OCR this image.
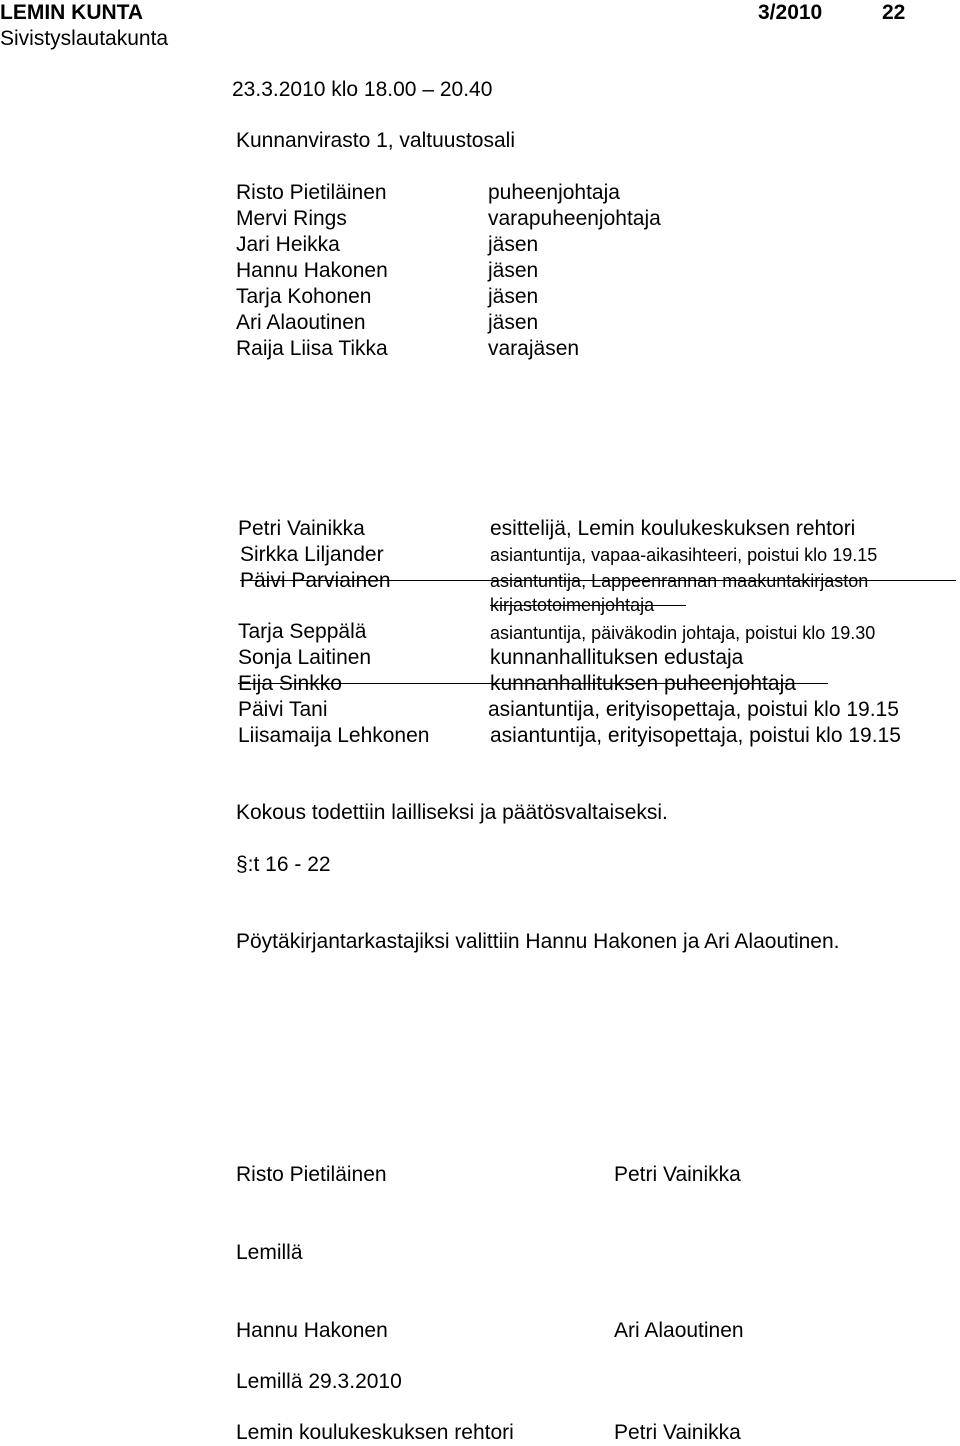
LEMIN KUNTA
Sivistyslautakunta
3/2010	22
23.3.2010 klo 18.00 – 20.40
Kunnanvirasto 1, valtuustosali
Risto Pietiläinen	puheenjohtaja
Mervi Rings	varapuheenjohtaja
Jari Heikka	jäsen
Hannu Hakonen	jäsen
Tarja Kohonen	jäsen
Ari Alaoutinen	jäsen
Raija Liisa Tikka	varajäsen
Petri Vainikka	esittelijä, Lemin koulukeskuksen rehtori
Sirkka Liljander	asiantuntija, vapaa-aikasihteeri, poistui klo 19.15
Päivi Parviainen	asiantuntija, Lappeenrannan maakuntakirjaston
kirjastotoimenjohtaja
Tarja Seppälä	asiantuntija, päiväkodin johtaja, poistui klo 19.30
Sonja Laitinen	kunnanhallituksen edustaja
Eija Sinkko	kunnanhallituksen puheenjohtaja
Päivi Tani	asiantuntija, erityisopettaja, poistui klo 19.15
Liisamaija Lehkonen	asiantuntija, erityisopettaja, poistui klo 19.15
Kokous todettiin lailliseksi ja päätösvaltaiseksi.
§:t 16 - 22
Pöytäkirjantarkastajiksi valittiin Hannu Hakonen ja Ari Alaoutinen.
Risto Pietiläinen	Petri Vainikka
Lemillä
Hannu Hakonen	Ari Alaoutinen
Lemillä 29.3.2010
Lemin koulukeskuksen rehtori	Petri Vainikka
